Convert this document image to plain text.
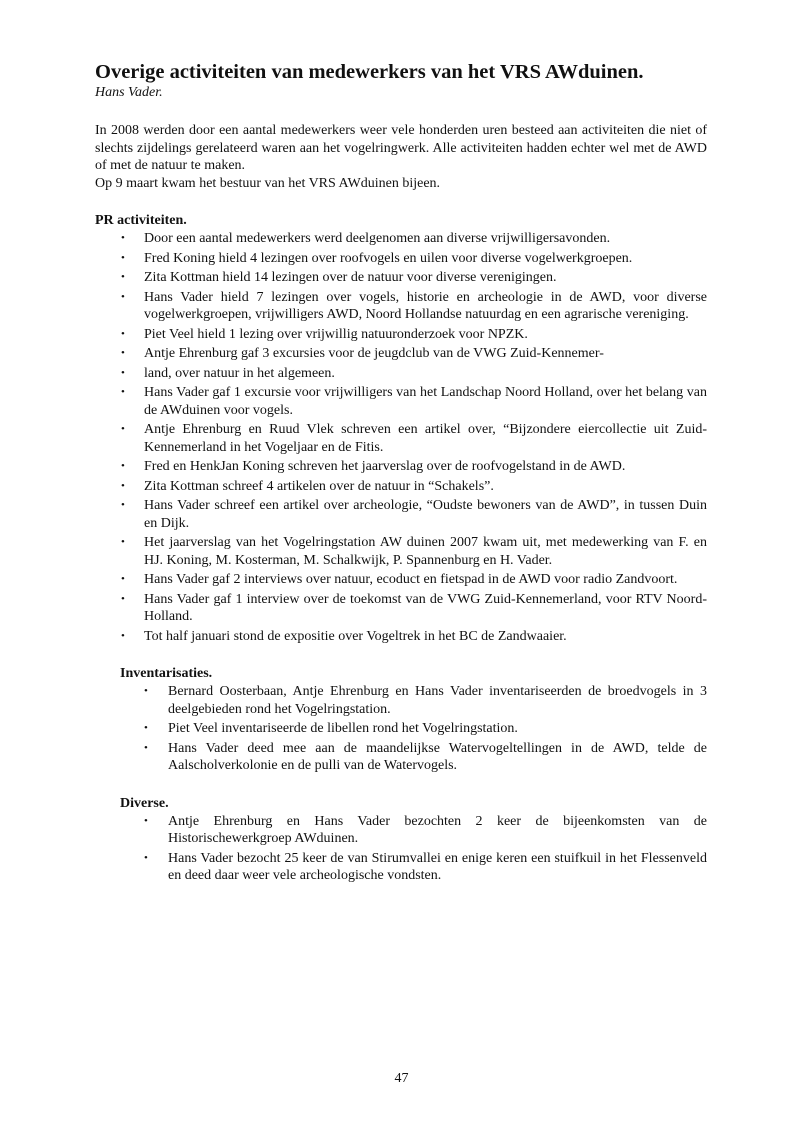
Overige activiteiten van medewerkers van het VRS AWduinen.

Hans Vader.

In 2008 werden door een aantal medewerkers weer vele honderden uren besteed aan activiteiten die niet of slechts zijdelings gerelateerd waren aan het vogelringwerk. Alle activiteiten hadden echter wel met de AWD of met de natuur te maken.

Op 9 maart kwam het bestuur van het VRS AWduinen bijeen.

PR activiteiten.
• Door een aantal medewerkers werd deelgenomen aan diverse vrijwilligersavonden.
• Fred Koning hield 4 lezingen over roofvogels en uilen voor diverse vogelwerkgroepen.
• Zita Kottman hield 14 lezingen over de natuur voor diverse verenigingen.
• Hans Vader hield 7 lezingen over vogels, historie en archeologie in de AWD, voor diverse vogelwerkgroepen, vrijwilligers AWD, Noord Hollandse natuurdag en een agrarische vereniging.
• Piet Veel hield 1 lezing over vrijwillig natuuronderzoek voor NPZK.
• Antje Ehrenburg gaf 3 excursies voor de jeugdclub van de VWG Zuid-Kennemer-
• land, over natuur in het algemeen.
• Hans Vader gaf 1 excursie voor vrijwilligers van het Landschap Noord Holland, over het belang van de AWduinen voor vogels.
• Antje Ehrenburg en Ruud Vlek schreven een artikel over, “Bijzondere eiercollectie uit Zuid-Kennemerland in het Vogeljaar en de Fitis.
• Fred en HenkJan Koning schreven het jaarverslag over de roofvogelstand in de AWD.
• Zita Kottman schreef 4 artikelen over de natuur in “Schakels”.
• Hans Vader schreef een artikel over archeologie, “Oudste bewoners van de AWD”, in tussen Duin en Dijk.
• Het jaarverslag van het Vogelringstation AW duinen 2007 kwam uit, met medewerking van F. en HJ. Koning, M. Kosterman, M. Schalkwijk, P. Spannenburg en H. Vader.
• Hans Vader gaf 2 interviews over natuur, ecoduct en fietspad in de AWD voor radio Zandvoort.
• Hans Vader gaf 1 interview over de toekomst van de VWG Zuid-Kennemerland, voor RTV Noord-Holland.
• Tot half januari stond de expositie over Vogeltrek in het BC de Zandwaaier.
Inventarisaties.
• Bernard Oosterbaan, Antje Ehrenburg en Hans Vader inventariseerden de broedvogels in 3 deelgebieden rond het Vogelringstation.
• Piet Veel inventariseerde de libellen rond het Vogelringstation.
• Hans Vader deed mee aan de maandelijkse Watervogeltellingen in de AWD, telde de Aalscholverkolonie en de pulli van de Watervogels.
Diverse.
• Antje Ehrenburg en Hans Vader bezochten 2 keer de bijeenkomsten van de Historischewerkgroep AWduinen.
• Hans Vader bezocht 25 keer de van Stirumvallei en enige keren een stuifkuil in het Flessenveld en deed daar weer vele archeologische vondsten.
47
